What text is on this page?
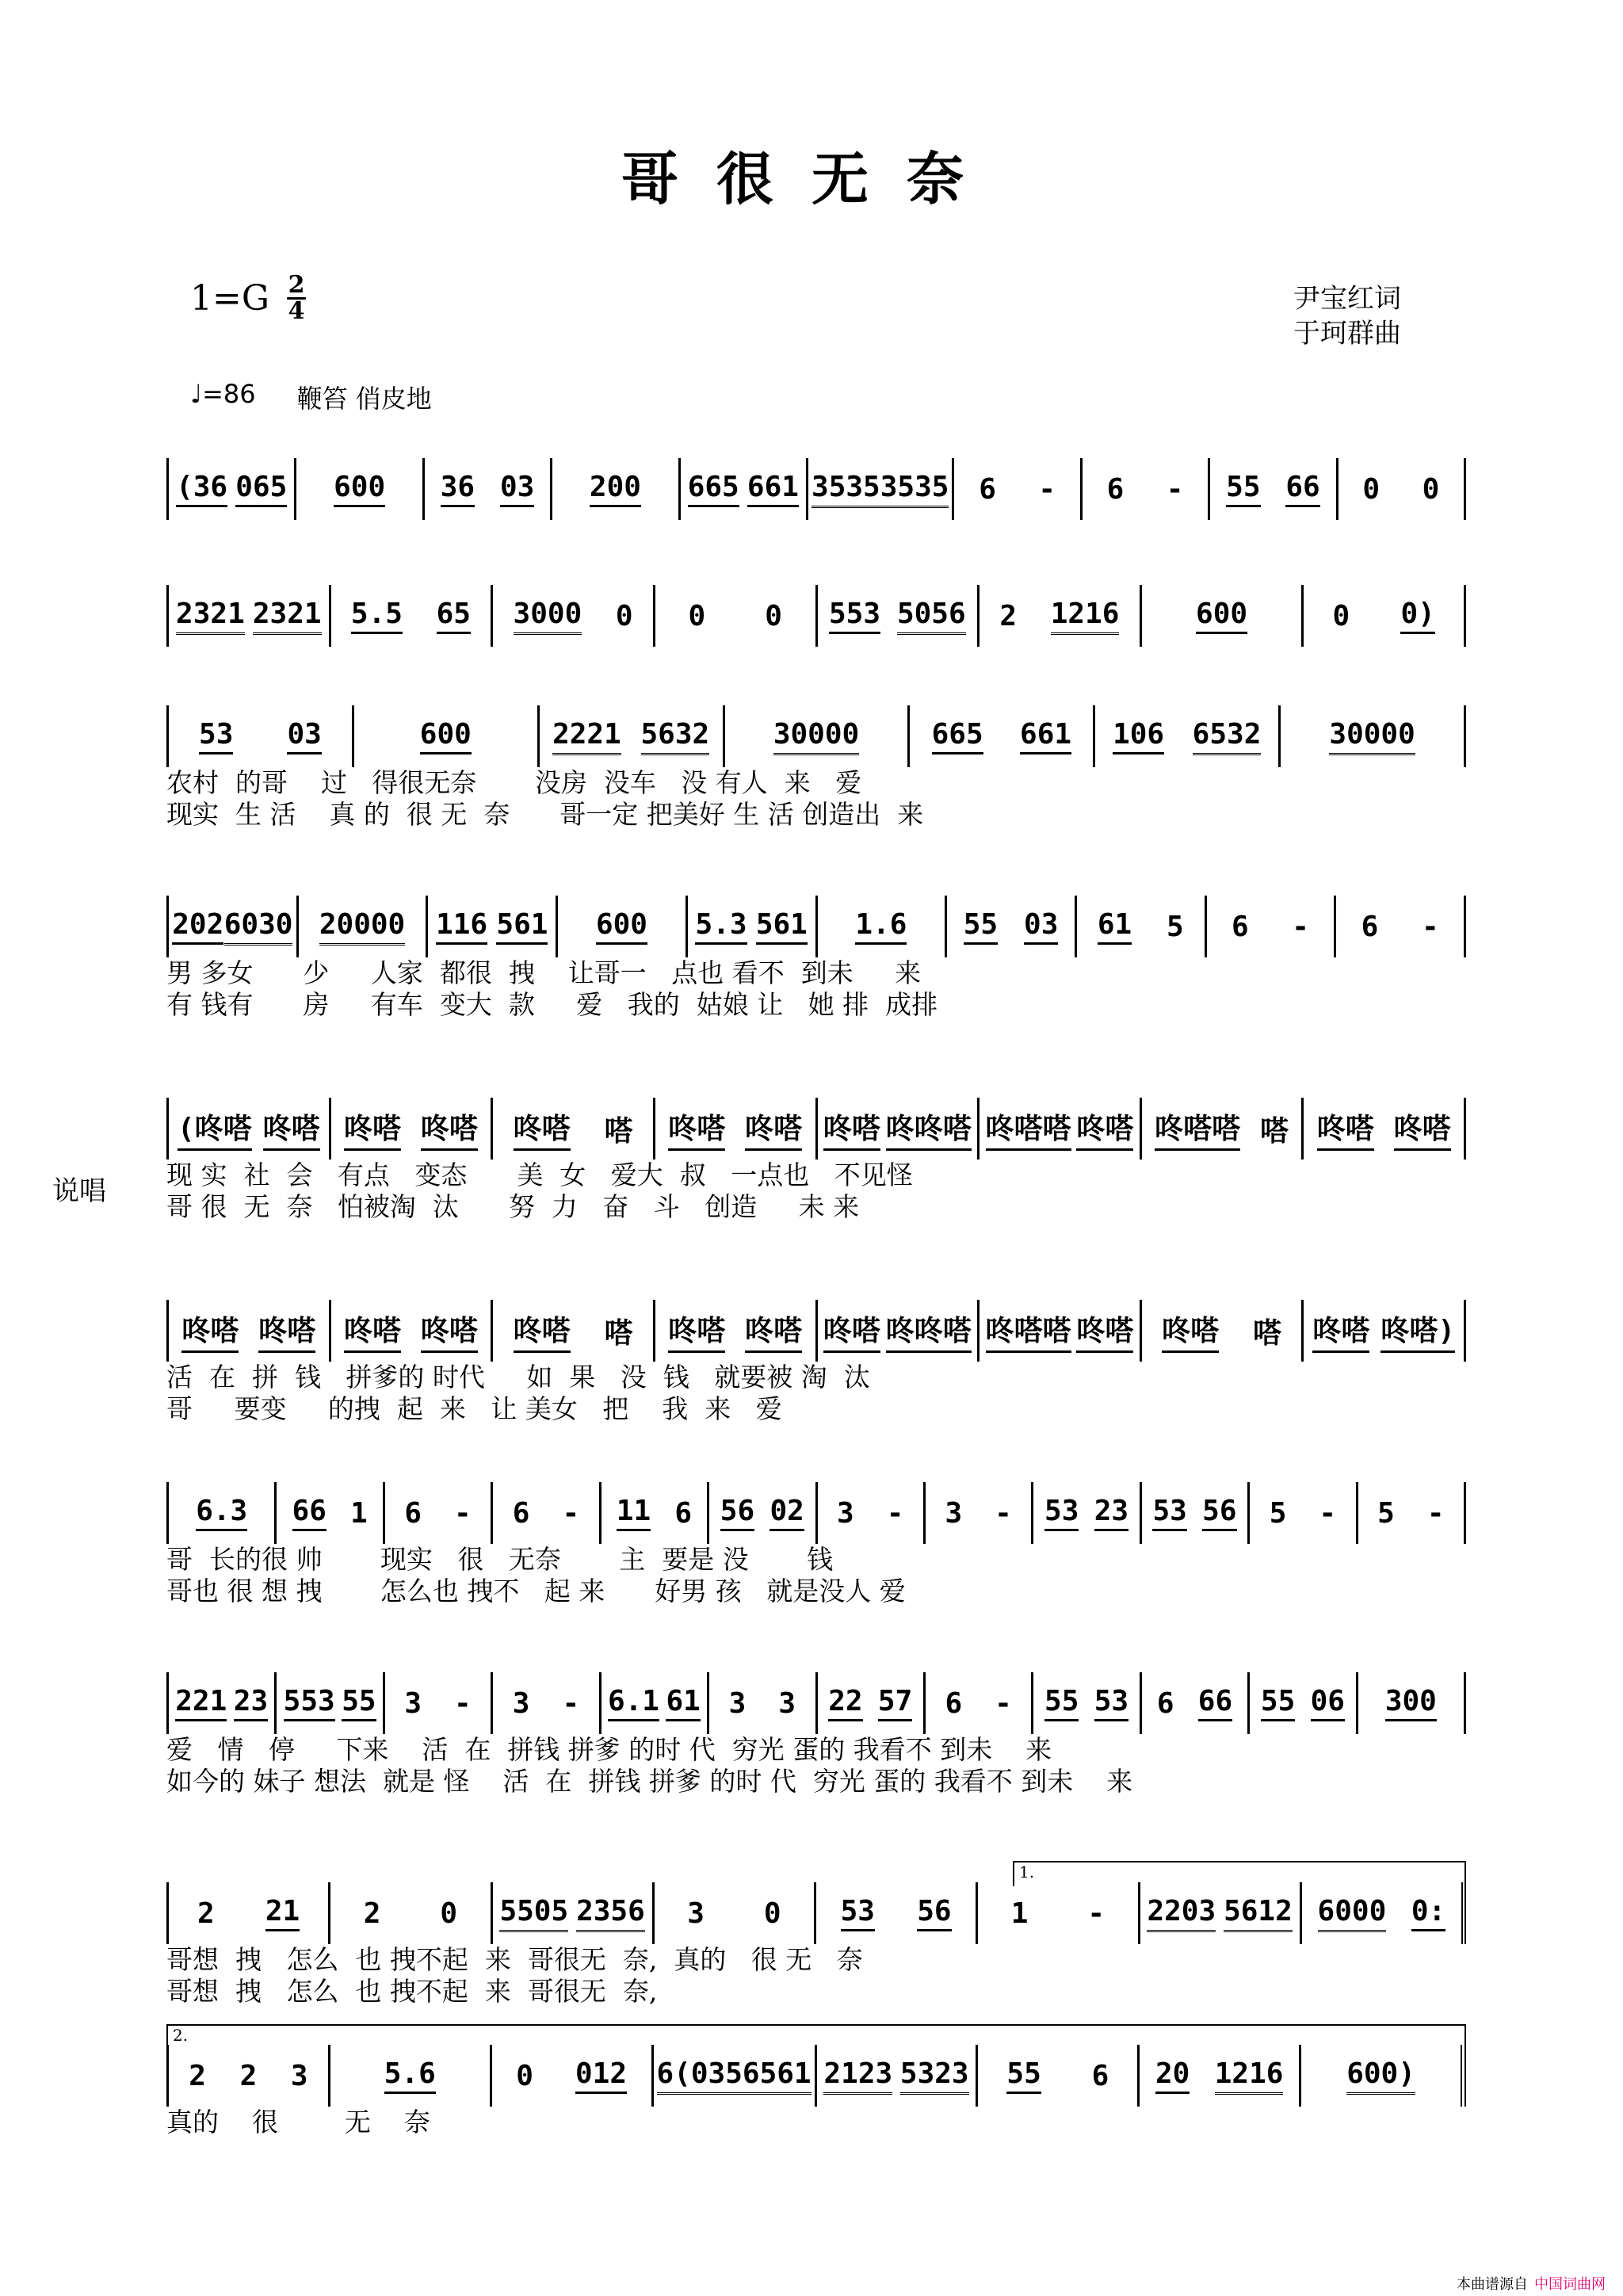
哥很无奈
$1=G \frac{2}{4}$	尹宝红词
于珂群曲
♩=86 鞭笞 俏皮地
说唱
1.
2.
(36 065 600 36 03 200 665 661 3535 3535 6 - 6 - 55 66 0 0
2321 2321 5.5 65 3000 0 0 0 553 5056 2 1216	600	0 0)
53 03	600	2221 5632 30000	665 661 106 6532 30000
农村  的哥    过   得很无奈       没房  没车   没 有人  来   爱
现实  生 活    真 的  很 无  奈      哥一定 把美好 生 活 创造出  来
202 6030 20000 116 561 600 5.3 561 1.6 55 03 61 5 6 - 6 -
男 多女      少     人家  都很  拽    让哥一   点也 看不  到未     来
有 钱有      房     有车  变大  款     爱   我的  姑娘 让   她 排  成排
(咚嗒 咚嗒 咚嗒 咚嗒 咚嗒 嗒 咚嗒 咚嗒 咚嗒 咚咚嗒 咚嗒嗒 咚嗒 咚嗒嗒 嗒 咚嗒 咚嗒
现 实  社  会   有点   变态      美  女   爱大  叔   一点也   不见怪
哥 很  无  奈   怕被淘  汰      努  力   奋   斗   创造     未 来
咚嗒 咚嗒 咚嗒 咚嗒 咚嗒 嗒 咚嗒 咚嗒 咚嗒 咚咚嗒 咚嗒嗒 咚嗒 咚嗒 嗒 咚嗒 咚嗒)
活  在  拼  钱   拼爹的 时代     如  果   没  钱   就要被 淘  汰
哥     要变     的拽  起  来   让 美女   把    我  来   爱
6.3 66 1 6 - 6 - 11 6 56 02 3 - 3 - 53 23 53 56 5 - 5 -
哥  长的很 帅       现实   很   无奈       主  要是 没       钱
哥也 很 想 拽       怎么也 拽不   起 来      好男 孩   就是没人 爱
221 23 553 55 3 - 3 - 6.1 61 3 3 22 57 6 - 55 53 6 66 55 06 300
爱   情   停     下来    活  在  拼钱 拼爹 的时 代  穷光 蛋的 我看不 到未    来
如今的 妹子 想法  就是 怪    活  在  拼钱 拼爹 的时 代  穷光 蛋的 我看不 到未    来
2 21 2 0 5505 2356 3 0 53 56 1 - 2203 5612 6000 0:
哥想  拽   怎么  也 拽不起  来  哥很无  奈,  真的   很 无   奈
哥想  拽   怎么  也 拽不起  来  哥很无  奈,
2 2 3	5.6	0 012 6(035 6561 2123 5323 55 6 20 1216 600)
真的    很        无    奈
本曲谱源自 中国词曲网
